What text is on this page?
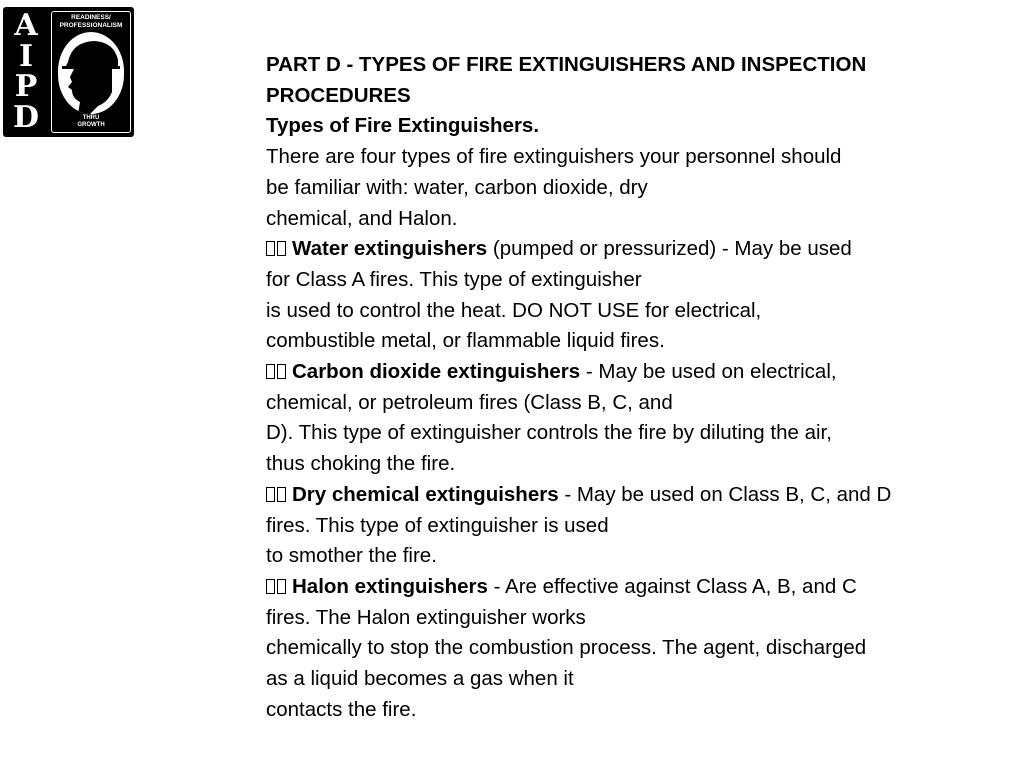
A
I
P
D
READINESS/
PROFESSIONALISM
THRU
GROWTH
PART D - TYPES OF FIRE EXTINGUISHERS AND INSPECTION
PROCEDURES
Types of Fire Extinguishers.
There are four types of fire extinguishers your personnel should
be familiar with: water, carbon dioxide, dry
chemical, and Halon.
Water extinguishers (pumped or pressurized) - May be used
for Class A fires. This type of extinguisher
is used to control the heat. DO NOT USE for electrical,
combustible metal, or flammable liquid fires.
Carbon dioxide extinguishers - May be used on electrical,
chemical, or petroleum fires (Class B, C, and
D). This type of extinguisher controls the fire by diluting the air,
thus choking the fire.
Dry chemical extinguishers - May be used on Class B, C, and D
fires. This type of extinguisher is used
to smother the fire.
Halon extinguishers - Are effective against Class A, B, and C
fires. The Halon extinguisher works
chemically to stop the combustion process. The agent, discharged
as a liquid becomes a gas when it
contacts the fire.
